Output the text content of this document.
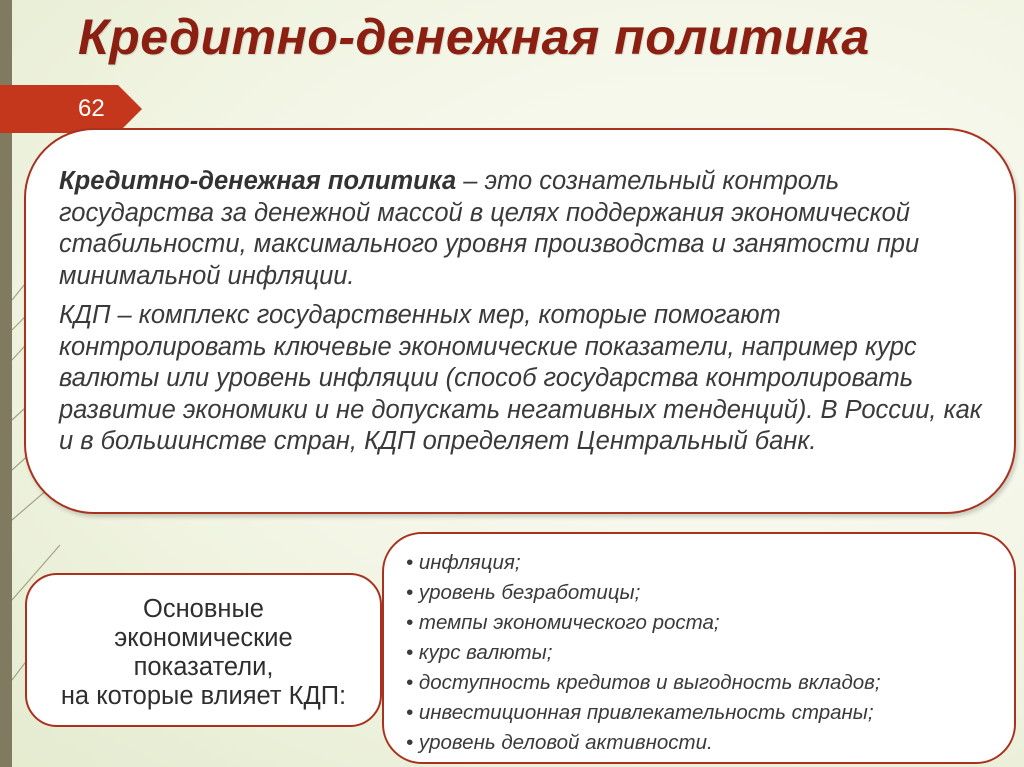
Кредитно-денежная политика
62

Кредитно-денежная политика – это сознательный контроль государства за денежной массой в целях поддержания экономической стабильности, максимального уровня производства и занятости при минимальной инфляции.

КДП – комплекс государственных мер, которые помогают контролировать ключевые экономические показатели, например курс валюты или уровень инфляции (способ государства контролировать развитие экономики и не допускать негативных тенденций). В России, как и в большинстве стран, КДП определяет Центральный банк.

Основные
экономические
показатели,
на которые влияет КДП:
• инфляция;
• уровень безработицы;
• темпы экономического роста;
• курс валюты;
• доступность кредитов и выгодность вкладов;
• инвестиционная привлекательность страны;
• уровень деловой активности.
